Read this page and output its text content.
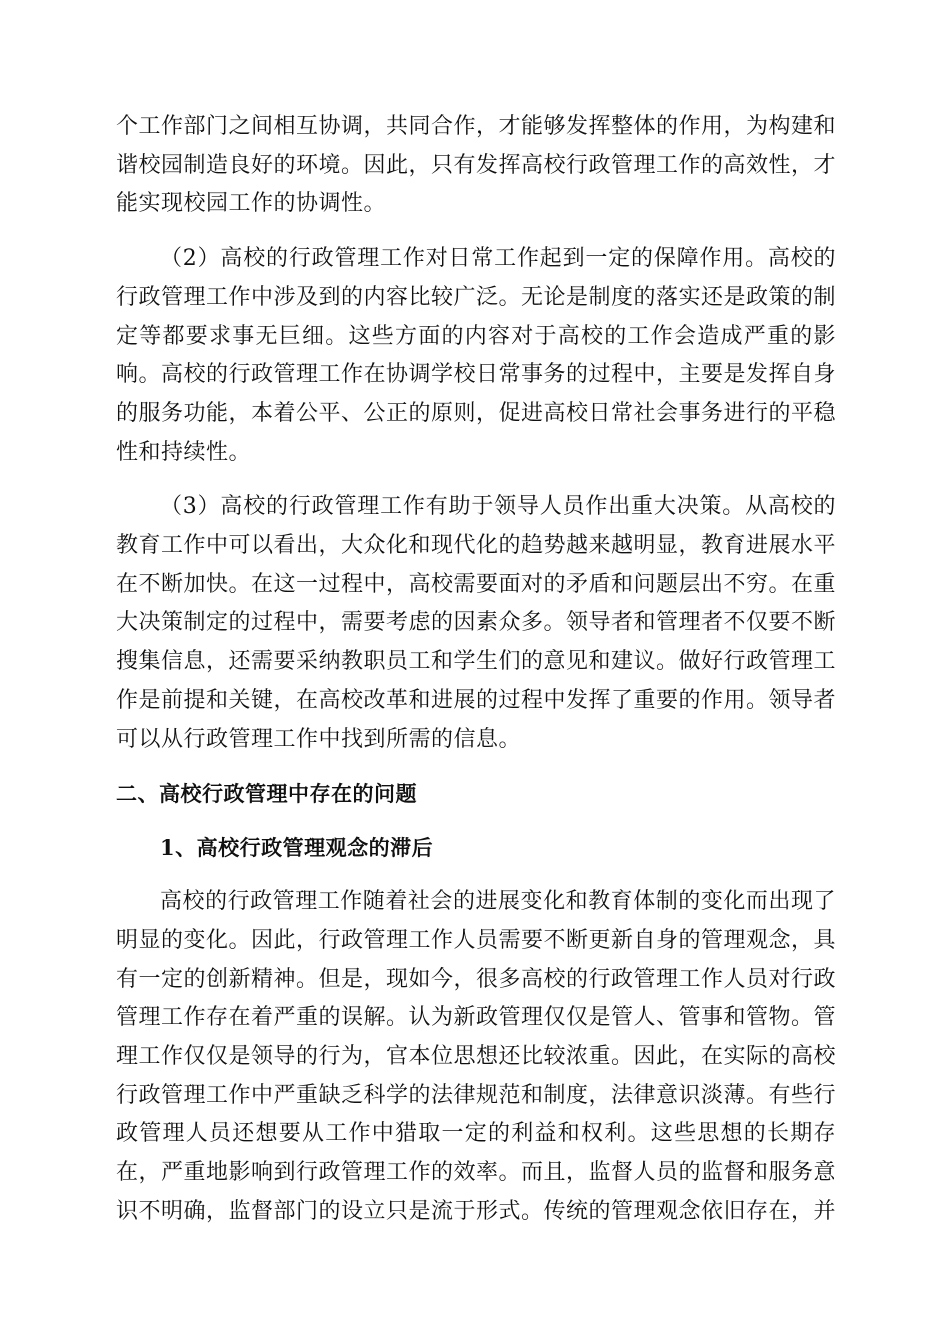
个工作部门之间相互协调，共同合作，才能够发挥整体的作用，为构建和谐校园制造良好的环境。因此，只有发挥高校行政管理工作的高效性，才能实现校园工作的协调性。

（2）高校的行政管理工作对日常工作起到一定的保障作用。高校的行政管理工作中涉及到的内容比较广泛。无论是制度的落实还是政策的制定等都要求事无巨细。这些方面的内容对于高校的工作会造成严重的影响。高校的行政管理工作在协调学校日常事务的过程中，主要是发挥自身的服务功能，本着公平、公正的原则，促进高校日常社会事务进行的平稳性和持续性。

（3）高校的行政管理工作有助于领导人员作出重大决策。从高校的教育工作中可以看出，大众化和现代化的趋势越来越明显，教育进展水平在不断加快。在这一过程中，高校需要面对的矛盾和问题层出不穷。在重大决策制定的过程中，需要考虑的因素众多。领导者和管理者不仅要不断搜集信息，还需要采纳教职员工和学生们的意见和建议。做好行政管理工作是前提和关键，在高校改革和进展的过程中发挥了重要的作用。领导者可以从行政管理工作中找到所需的信息。

二、高校行政管理中存在的问题
1、高校行政管理观念的滞后

高校的行政管理工作随着社会的进展变化和教育体制的变化而出现了明显的变化。因此，行政管理工作人员需要不断更新自身的管理观念，具有一定的创新精神。但是，现如今，很多高校的行政管理工作人员对行政管理工作存在着严重的误解。认为新政管理仅仅是管人、管事和管物。管理工作仅仅是领导的行为，官本位思想还比较浓重。因此，在实际的高校行政管理工作中严重缺乏科学的法律规范和制度，法律意识淡薄。有些行政管理人员还想要从工作中猎取一定的利益和权利。这些思想的长期存在，严重地影响到行政管理工作的效率。而且，监督人员的监督和服务意识不明确，监督部门的设立只是流于形式。传统的管理观念依旧存在，并
